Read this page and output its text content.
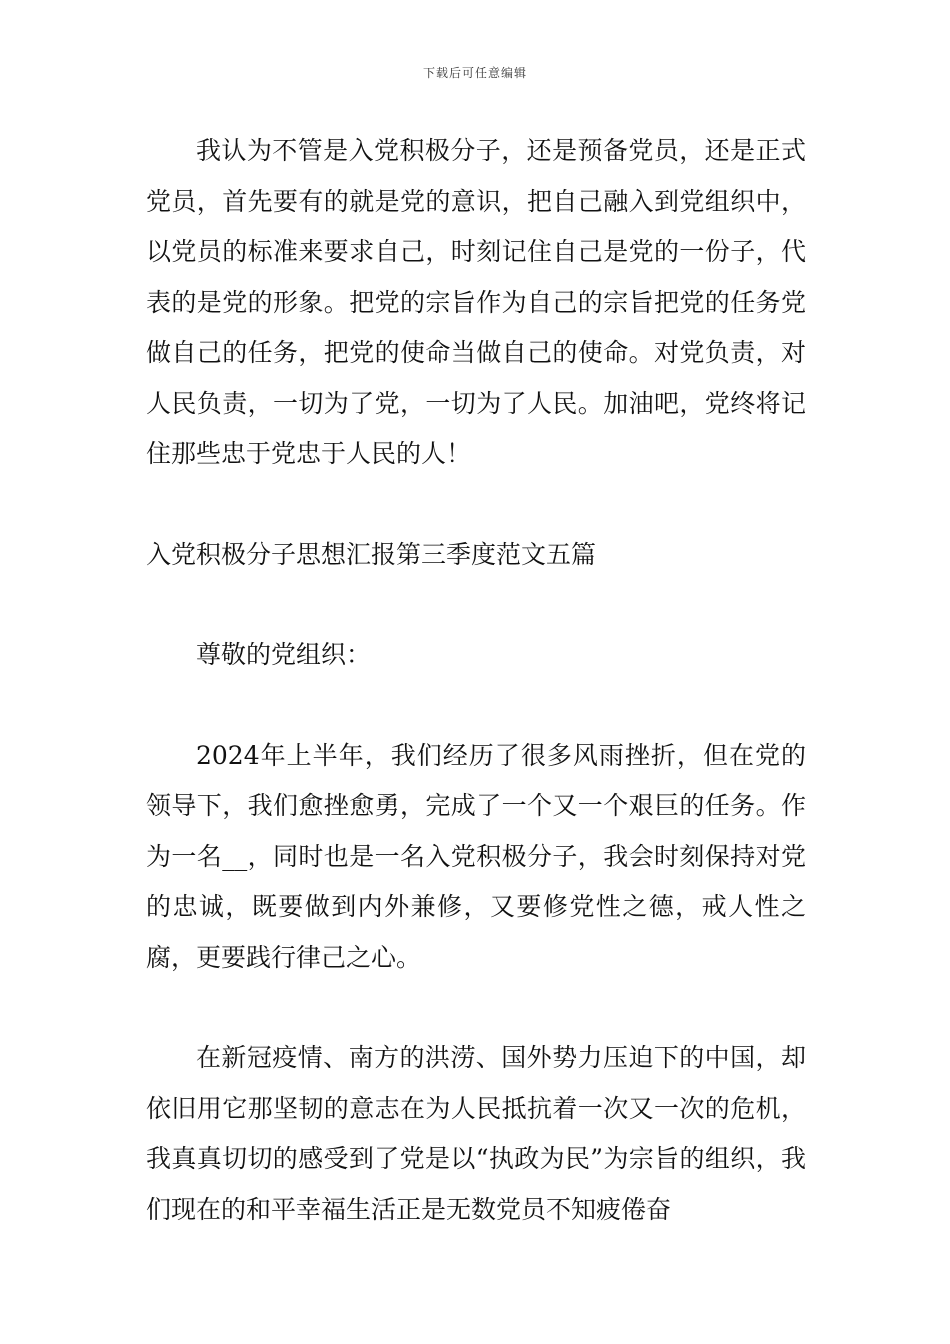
下载后可任意编辑

我认为不管是入党积极分子，还是预备党员，还是正式党员，首先要有的就是党的意识，把自己融入到党组织中，以党员的标准来要求自己，时刻记住自己是党的一份子，代表的是党的形象。把党的宗旨作为自己的宗旨把党的任务党做自己的任务，把党的使命当做自己的使命。对党负责，对人民负责，一切为了党，一切为了人民。加油吧，党终将记住那些忠于党忠于人民的人！

入党积极分子思想汇报第三季度范文五篇

尊敬的党组织：

2024年上半年，我们经历了很多风雨挫折，但在党的领导下，我们愈挫愈勇，完成了一个又一个艰巨的任务。作为一名__，同时也是一名入党积极分子，我会时刻保持对党的忠诚，既要做到内外兼修，又要修党性之德，戒人性之腐，更要践行律己之心。

在新冠疫情、南方的洪涝、国外势力压迫下的中国，却依旧用它那坚韧的意志在为人民抵抗着一次又一次的危机，我真真切切的感受到了党是以“执政为民”为宗旨的组织，我们现在的和平幸福生活正是无数党员不知疲倦奋
